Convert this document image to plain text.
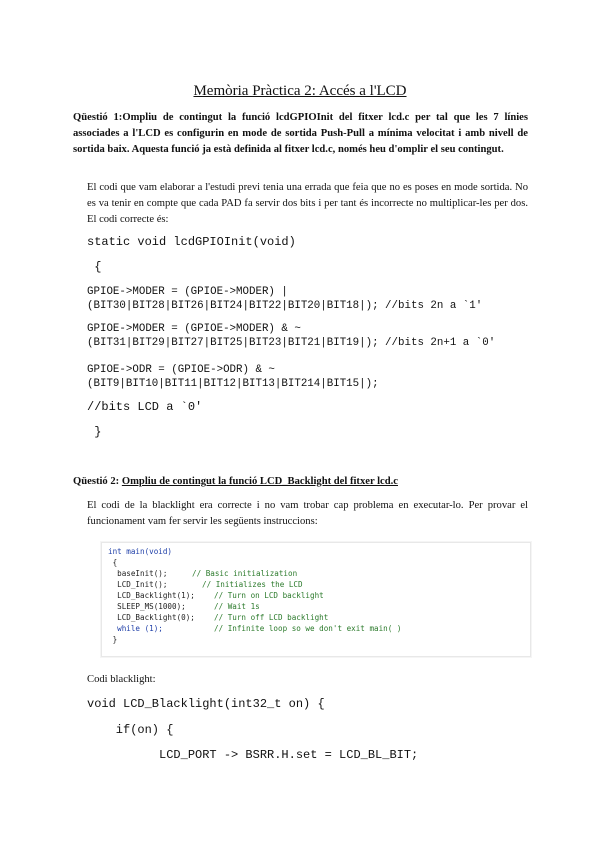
Memòria Pràctica 2: Accés a l'LCD
Qüestió 1:Ompliu de contingut la funció lcdGPIOInit del fitxer lcd.c per tal que les 7 línies associades a l'LCD es configurin en mode de sortida Push-Pull a mínima velocitat i amb nivell de sortida baix. Aquesta funció ja està definida al fitxer lcd.c, només heu d'omplir el seu contingut.
El codi que vam elaborar a l'estudi previ tenia una errada que feia que no es poses en mode sortida. No es va tenir en compte que cada PAD fa servir dos bits i per tant és incorrecte no multiplicar-les per dos. El codi correcte és:
static void lcdGPIOInit(void)
{
GPIOE->MODER = (GPIOE->MODER) |
(BIT30|BIT28|BIT26|BIT24|BIT22|BIT20|BIT18|); //bits 2n a `1'
GPIOE->MODER = (GPIOE->MODER) & ~
(BIT31|BIT29|BIT27|BIT25|BIT23|BIT21|BIT19|); //bits 2n+1 a `0'
GPIOE->ODR = (GPIOE->ODR) & ~
(BIT9|BIT10|BIT11|BIT12|BIT13|BIT214|BIT15|);
//bits LCD a `0'
}
Qüestió 2: Ompliu de contingut la funció LCD_Backlight del fitxer lcd.c
El codi de la blacklight era correcte i no vam trobar cap problema en executar-lo. Per provar el funcionament vam fer servir les següents instruccions:
int main(void)
{
baseInit();	// Basic initialization
LCD_Init();	// Initializes the LCD
LCD_Backlight(1);	// Turn on LCD backlight
SLEEP_MS(1000);	// Wait 1s
LCD_Backlight(0);	// Turn off LCD backlight
while (1);	// Infinite loop so we don't exit main( )
}
Codi blacklight:
void LCD_Blacklight(int32_t on) {
if(on) {
LCD_PORT -> BSRR.H.set = LCD_BL_BIT;
